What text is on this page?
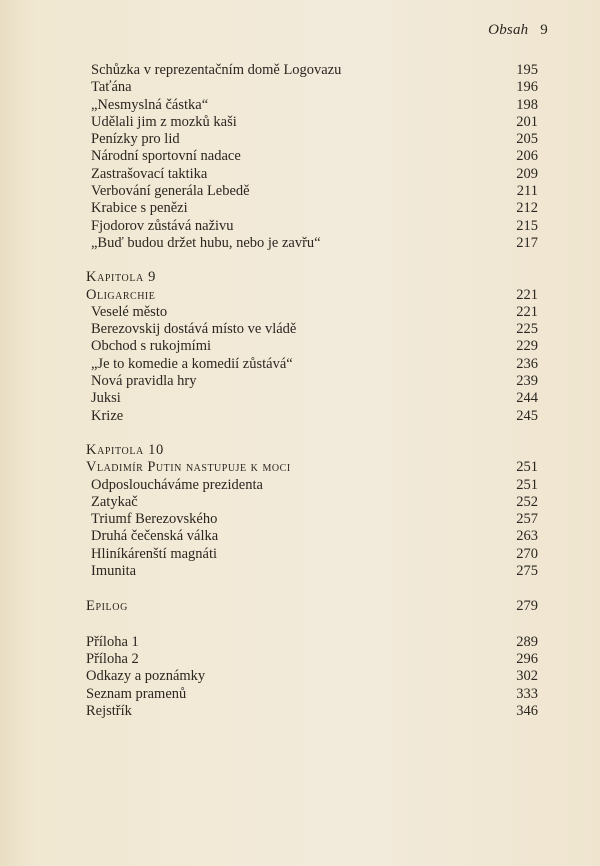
Obsah 9
Schůzka v reprezentačním domě Logovazu	195
Taťána	196
„Nesmyslná částka“	198
Udělali jim z mozků kaši	201
Penízky pro lid	205
Národní sportovní nadace	206
Zastrašovací taktika	209
Verbování generála Lebedě	211
Krabice s penězi	212
Fjodorov zůstává naživu	215
„Buď budou držet hubu, nebo je zavřu“	217
Kapitola 9
Oligarchie	221
Veselé město	221
Berezovskij dostává místo ve vládě	225
Obchod s rukojmími	229
„Je to komedie a komedií zůstává“	236
Nová pravidla hry	239
Juksi	244
Krize	245
Kapitola 10
Vladimír Putin nastupuje k moci	251
Odposloucháváme prezidenta	251
Zatykač	252
Triumf Berezovského	257
Druhá čečenská válka	263
Hliníkárenští magnáti	270
Imunita	275
Epilog	279
Příloha 1	289
Příloha 2	296
Odkazy a poznámky	302
Seznam pramenů	333
Rejstřík	346
